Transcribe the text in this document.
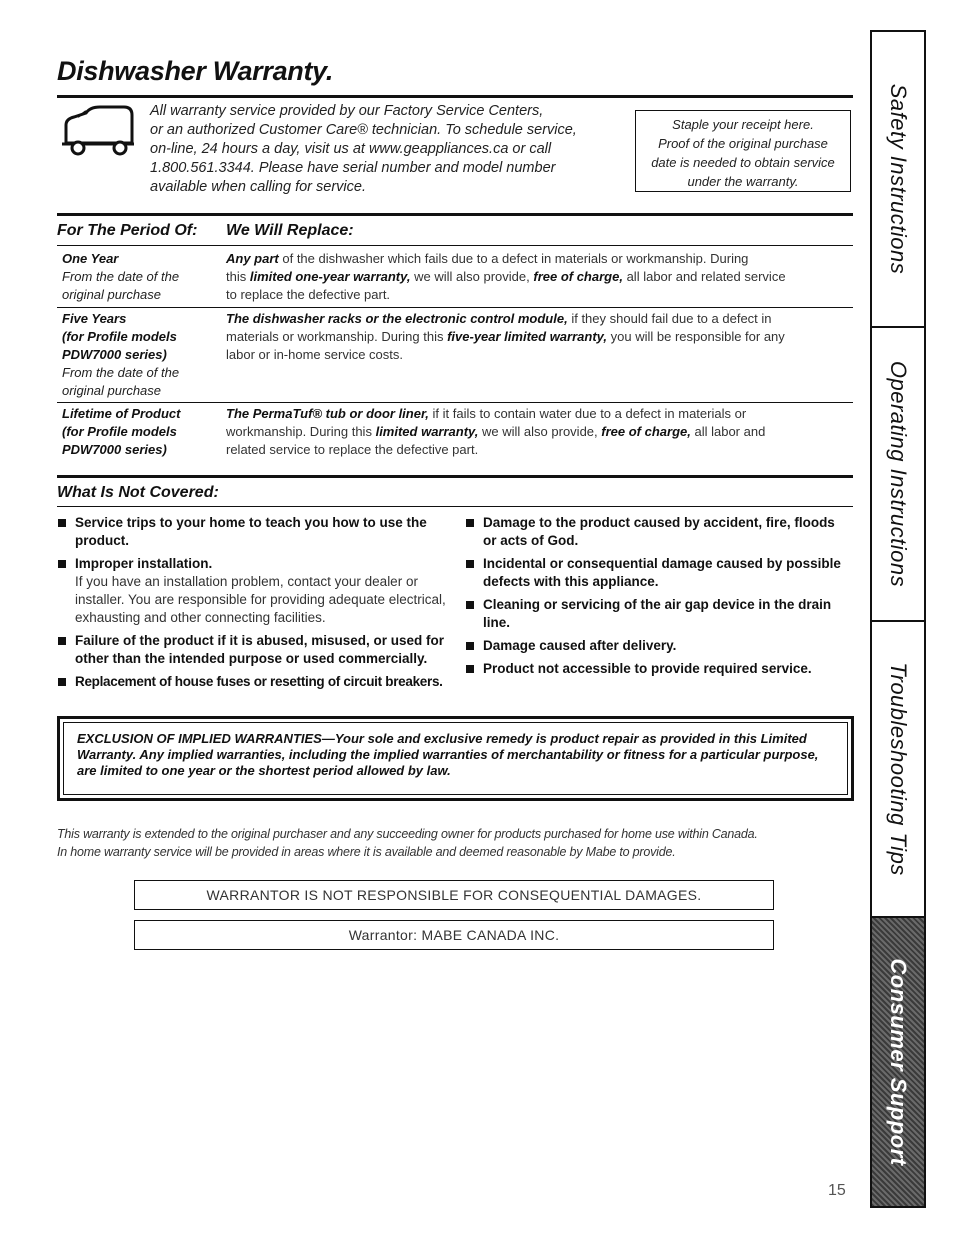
Dishwasher Warranty.
All warranty service provided by our Factory Service Centers,
or an authorized Customer Care® technician. To schedule service,
on-line, 24 hours a day, visit us at www.geappliances.ca or call
1.800.561.3344. Please have serial number and model number
available when calling for service.
Staple your receipt here.
Proof of the original purchase
date is needed to obtain service
under the warranty.
For The Period Of: We Will Replace:
One Year
From the date of the
original purchase
Any part of the dishwasher which fails due to a defect in materials or workmanship. During
this limited one-year warranty, we will also provide, free of charge, all labor and related service
to replace the defective part.
Five Years
(for Profile models
PDW7000 series)
From the date of the
original purchase
The dishwasher racks or the electronic control module, if they should fail due to a defect in
materials or workmanship. During this five-year limited warranty, you will be responsible for any
labor or in-home service costs.
Lifetime of Product
(for Profile models
PDW7000 series)
The PermaTuf® tub or door liner, if it fails to contain water due to a defect in materials or
workmanship. During this limited warranty, we will also provide, free of charge, all labor and
related service to replace the defective part.
What Is Not Covered:
Service trips to your home to teach you how to use the product.
Improper installation.
If you have an installation problem, contact your dealer or installer. You are responsible for providing adequate electrical, exhausting and other connecting facilities.
Failure of the product if it is abused, misused, or used for other than the intended purpose or used commercially.
Replacement of house fuses or resetting of circuit breakers.
Damage to the product caused by accident, fire, floods or acts of God.
Incidental or consequential damage caused by possible defects with this appliance.
Cleaning or servicing of the air gap device in the drain line.
Damage caused after delivery.
Product not accessible to provide required service.
EXCLUSION OF IMPLIED WARRANTIES—Your sole and exclusive remedy is product repair as provided in this Limited Warranty. Any implied warranties, including the implied warranties of merchantability or fitness for a particular purpose, are limited to one year or the shortest period allowed by law.
This warranty is extended to the original purchaser and any succeeding owner for products purchased for home use within Canada.
In home warranty service will be provided in areas where it is available and deemed reasonable by Mabe to provide.
WARRANTOR IS NOT RESPONSIBLE FOR CONSEQUENTIAL DAMAGES.
Warrantor: MABE CANADA INC.
15
Safety Instructions
Operating Instructions
Troubleshooting Tips
Consumer Support
